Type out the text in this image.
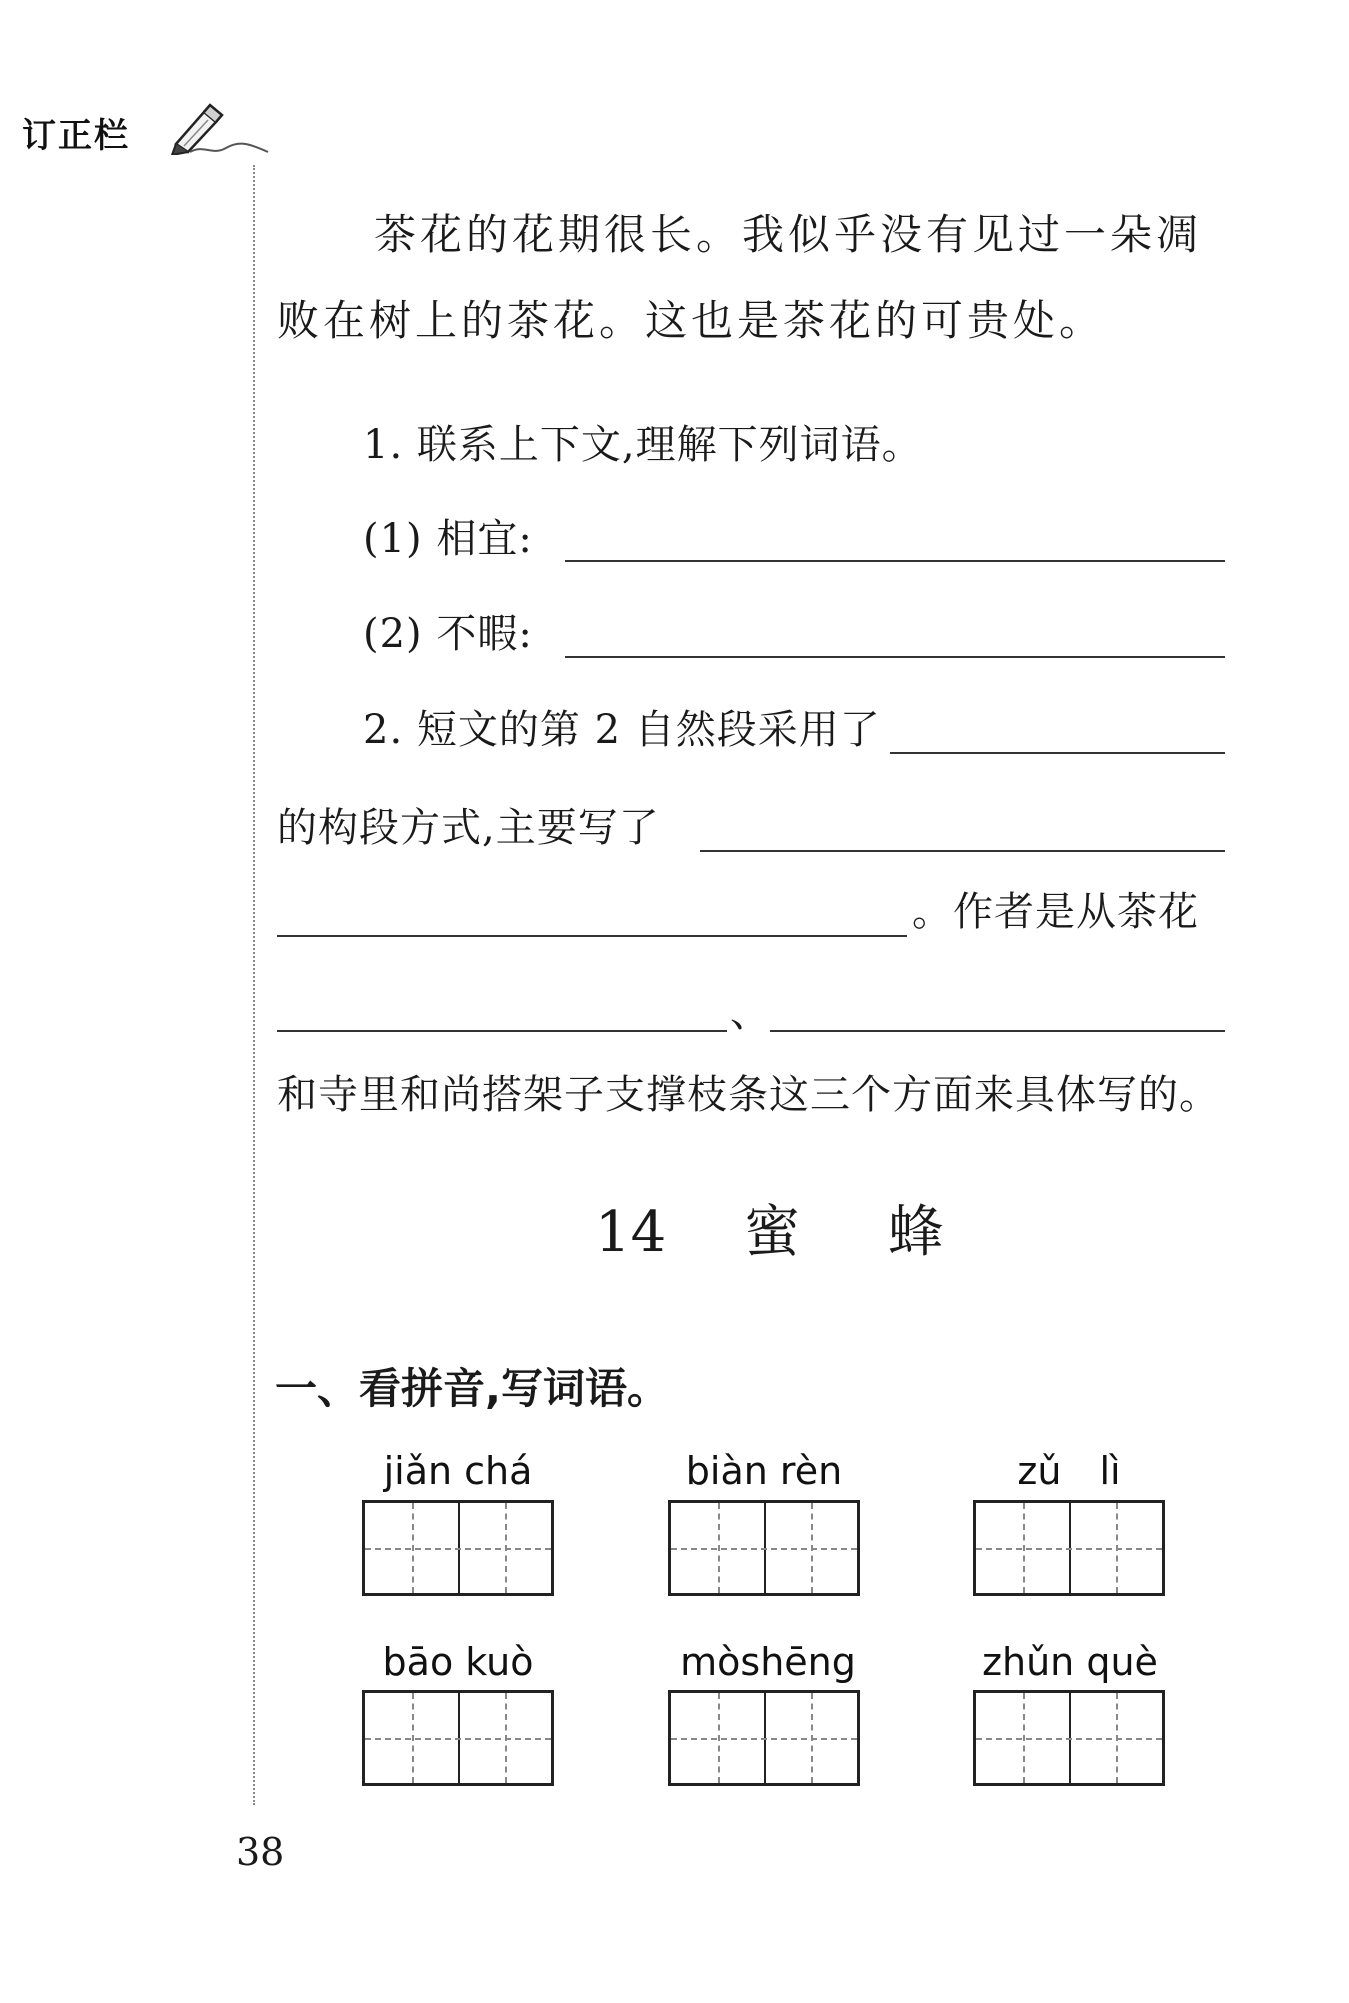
订正栏
茶花的花期很长。我似乎没有见过一朵凋
败在树上的茶花。这也是茶花的可贵处。
1. 联系上下文,理解下列词语。
(1) 相宜:
(2) 不暇:
2. 短文的第 2 自然段采用了
的构段方式,主要写了
。作者是从茶花
、
和寺里和尚搭架子支撑枝条这三个方面来具体写的。
14 蜜 蜂
一、看拼音,写词语。
jiǎn chá	biàn rèn	zǔ　lì
bāo kuò	mòshēng	zhǔn què
38
